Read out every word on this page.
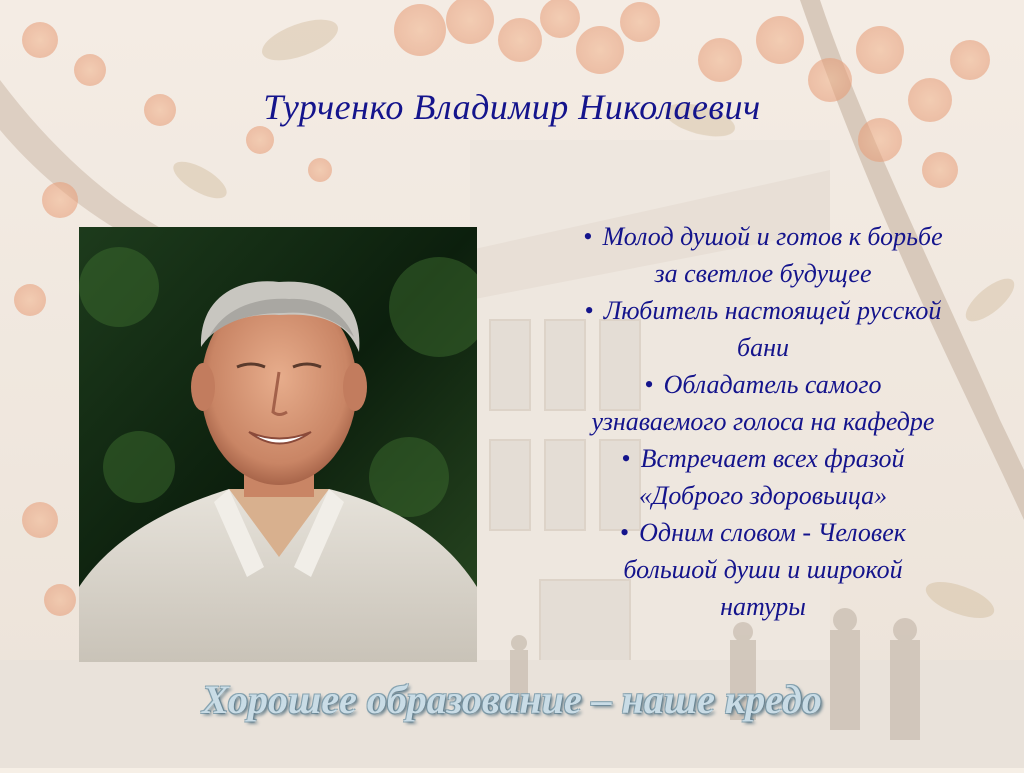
Турченко Владимир Николаевич
• Молод душой и готов к борьбе
за светлое будущее
• Любитель настоящей русской
бани
• Обладатель самого
узнаваемого голоса на кафедре
• Встречает всех фразой
«Доброго здоровьица»
• Одним словом - Человек
большой души и широкой
натуры
Хорошее образование – наше кредо
